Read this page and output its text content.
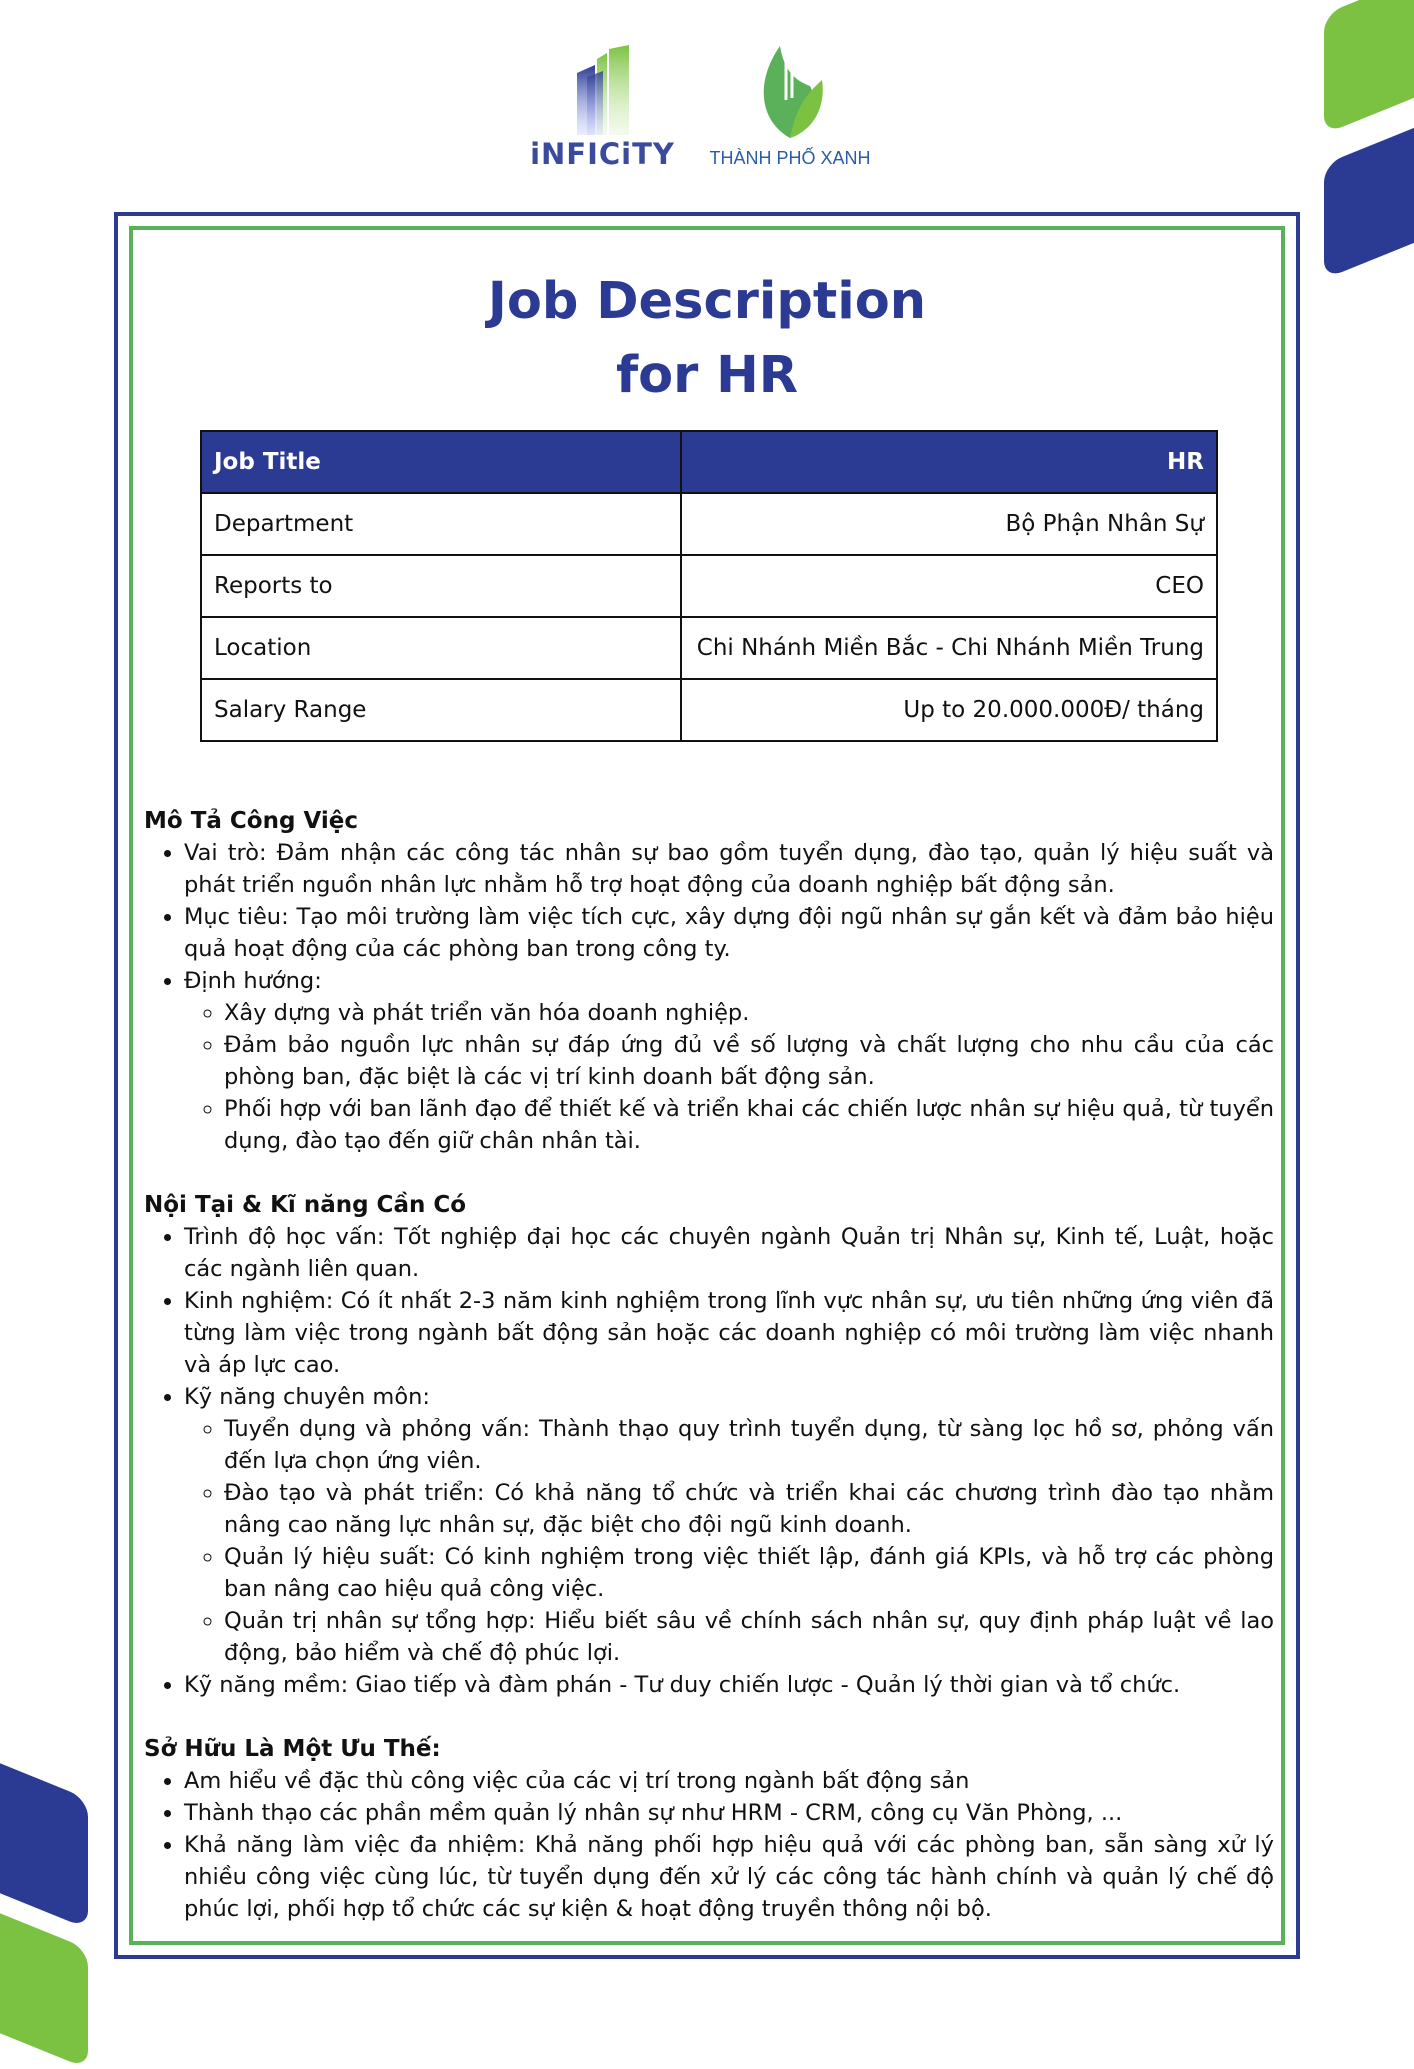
iNFICiTY	THÀNH PHỐ XANH
Job Description
for HR
Job Title	HR
Department	Bộ Phận Nhân Sự
Reports to	CEO
Location	Chi Nhánh Miền Bắc - Chi Nhánh Miền Trung
Salary Range	Up to 20.000.000Đ/ tháng
Mô Tả Công Việc
• Vai trò: Đảm nhận các công tác nhân sự bao gồm tuyển dụng, đào tạo, quản lý hiệu suất và phát triển nguồn nhân lực nhằm hỗ trợ hoạt động của doanh nghiệp bất động sản.
• Mục tiêu: Tạo môi trường làm việc tích cực, xây dựng đội ngũ nhân sự gắn kết và đảm bảo hiệu quả hoạt động của các phòng ban trong công ty.
• Định hướng:
◦ Xây dựng và phát triển văn hóa doanh nghiệp.
◦ Đảm bảo nguồn lực nhân sự đáp ứng đủ về số lượng và chất lượng cho nhu cầu của các phòng ban, đặc biệt là các vị trí kinh doanh bất động sản.
◦ Phối hợp với ban lãnh đạo để thiết kế và triển khai các chiến lược nhân sự hiệu quả, từ tuyển dụng, đào tạo đến giữ chân nhân tài.
Nội Tại & Kĩ năng Cần Có
• Trình độ học vấn: Tốt nghiệp đại học các chuyên ngành Quản trị Nhân sự, Kinh tế, Luật, hoặc các ngành liên quan.
• Kinh nghiệm: Có ít nhất 2-3 năm kinh nghiệm trong lĩnh vực nhân sự, ưu tiên những ứng viên đã từng làm việc trong ngành bất động sản hoặc các doanh nghiệp có môi trường làm việc nhanh và áp lực cao.
• Kỹ năng chuyên môn:
◦ Tuyển dụng và phỏng vấn: Thành thạo quy trình tuyển dụng, từ sàng lọc hồ sơ, phỏng vấn đến lựa chọn ứng viên.
◦ Đào tạo và phát triển: Có khả năng tổ chức và triển khai các chương trình đào tạo nhằm nâng cao năng lực nhân sự, đặc biệt cho đội ngũ kinh doanh.
◦ Quản lý hiệu suất: Có kinh nghiệm trong việc thiết lập, đánh giá KPIs, và hỗ trợ các phòng ban nâng cao hiệu quả công việc.
◦ Quản trị nhân sự tổng hợp: Hiểu biết sâu về chính sách nhân sự, quy định pháp luật về lao động, bảo hiểm và chế độ phúc lợi.
• Kỹ năng mềm: Giao tiếp và đàm phán - Tư duy chiến lược - Quản lý thời gian và tổ chức.
Sở Hữu Là Một Ưu Thế:
• Am hiểu về đặc thù công việc của các vị trí trong ngành bất động sản
• Thành thạo các phần mềm quản lý nhân sự như HRM - CRM, công cụ Văn Phòng, ...
• Khả năng làm việc đa nhiệm: Khả năng phối hợp hiệu quả với các phòng ban, sẵn sàng xử lý nhiều công việc cùng lúc, từ tuyển dụng đến xử lý các công tác hành chính và quản lý chế độ phúc lợi, phối hợp tổ chức các sự kiện & hoạt động truyền thông nội bộ.
